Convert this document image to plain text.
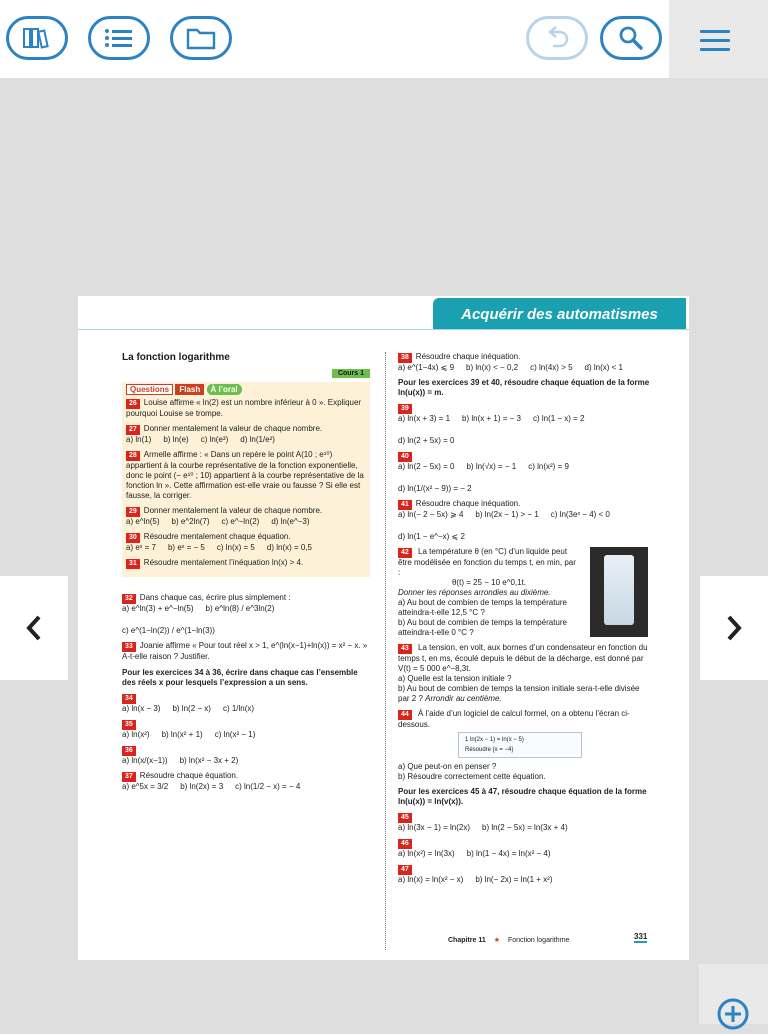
Acquérir des automatismes
La fonction logarithme
Cours 1
Questions Flash À l’oral
26 Louise affirme « ln(2) est un nombre inférieur à 0 ». Expliquer pourquoi Louise se trompe.
27 Donner mentalement la valeur de chaque nombre.
a) ln(1) b) ln(e) c) ln(e³) d) ln(1/e²)
28 Armelle affirme : « Dans un repère le point A(10 ; e¹⁰) appartient à la courbe représentative de la fonction exponentielle, donc le point (− e¹⁰ ; 10) appartient à la courbe représentative de la fonction ln ». Cette affirmation est-elle vraie ou fausse ? Si elle est fausse, la corriger.
29 Donner mentalement la valeur de chaque nombre.
a) e^ln(5) b) e^2ln(7) c) e^−ln(2) d) ln(e^−3)
30 Résoudre mentalement chaque équation.
a) eˣ = 7 b) eˣ = − 5 c) ln(x) = 5 d) ln(x) = 0,5
31 Résoudre mentalement l’inéquation ln(x) > 4.
32 Dans chaque cas, écrire plus simplement :
a) e^ln(3) + e^−ln(5) b) e^ln(8) / e^3ln(2)
c) e^(1−ln(2)) / e^(1−ln(3))
33 Joanie affirme « Pour tout réel x > 1, e^(ln(x−1)+ln(x)) = x² − x. » A-t-elle raison ? Justifier.
Pour les exercices 34 à 36, écrire dans chaque cas l’ensemble des réels x pour lesquels l’expression a un sens.
34
a) ln(x − 3) b) ln(2 − x) c) 1/ln(x)
35
a) ln(x²) b) ln(x² + 1) c) ln(x² − 1)
36
a) ln(x/(x−1)) b) ln(x² − 3x + 2)
37 Résoudre chaque équation.
a) e^5x = 3/2 b) ln(2x) = 3 c) ln(1/2 − x) = − 4
38 Résoudre chaque inéquation.
a) e^(1−4x) ⩽ 9 b) ln(x) < − 0,2 c) ln(4x) > 5 d) ln(x) < 1
Pour les exercices 39 et 40, résoudre chaque équation de la forme ln(u(x)) = m.
39
a) ln(x + 3) = 1 b) ln(x + 1) = − 3 c) ln(1 − x) = 2
d) ln(2 + 5x) = 0
40
a) ln(2 − 5x) = 0 b) ln(√x) = − 1 c) ln(x²) = 9
d) ln(1/(x² − 9)) = − 2
41 Résoudre chaque inéquation.
a) ln(− 2 − 5x) ⩾ 4 b) ln(2x − 1) > − 1 c) ln(3eˣ − 4) < 0
d) ln(1 − e^−x) ⩽ 2
42 La température θ (en °C) d’un liquide peut être modélisée en fonction du temps t, en min, par :
θ(t) = 25 − 10 e^0,1t.
Donner les réponses arrondies au dixième.
a) Au bout de combien de temps la température atteindra-t-elle 12,5 °C ?
b) Au bout de combien de temps la température atteindra-t-elle 0 °C ?
43 La tension, en volt, aux bornes d’un condensateur en fonction du temps t, en ms, écoulé depuis le début de la décharge, est donné par V(t) = 5 000 e^−8,3t.
a) Quelle est la tension initiale ?
b) Au bout de combien de temps la tension initiale sera-t-elle divisée par 2 ? Arrondir au centième.
44 À l’aide d’un logiciel de calcul formel, on a obtenu l’écran ci-dessous.
1 ln(2x − 1) = ln(x − 5)
Résoudre {x = −4}
a) Que peut-on en penser ?
b) Résoudre correctement cette équation.
Pour les exercices 45 à 47, résoudre chaque équation de la forme ln(u(x)) = ln(v(x)).
45
a) ln(3x − 1) = ln(2x) b) ln(2 − 5x) = ln(3x + 4)
46
a) ln(x²) = ln(3x) b) ln(1 − 4x) = ln(x² − 4)
47
a) ln(x) = ln(x² − x) b) ln(− 2x) = ln(1 + x²)
Chapitre 11 ★ Fonction logarithme	331
